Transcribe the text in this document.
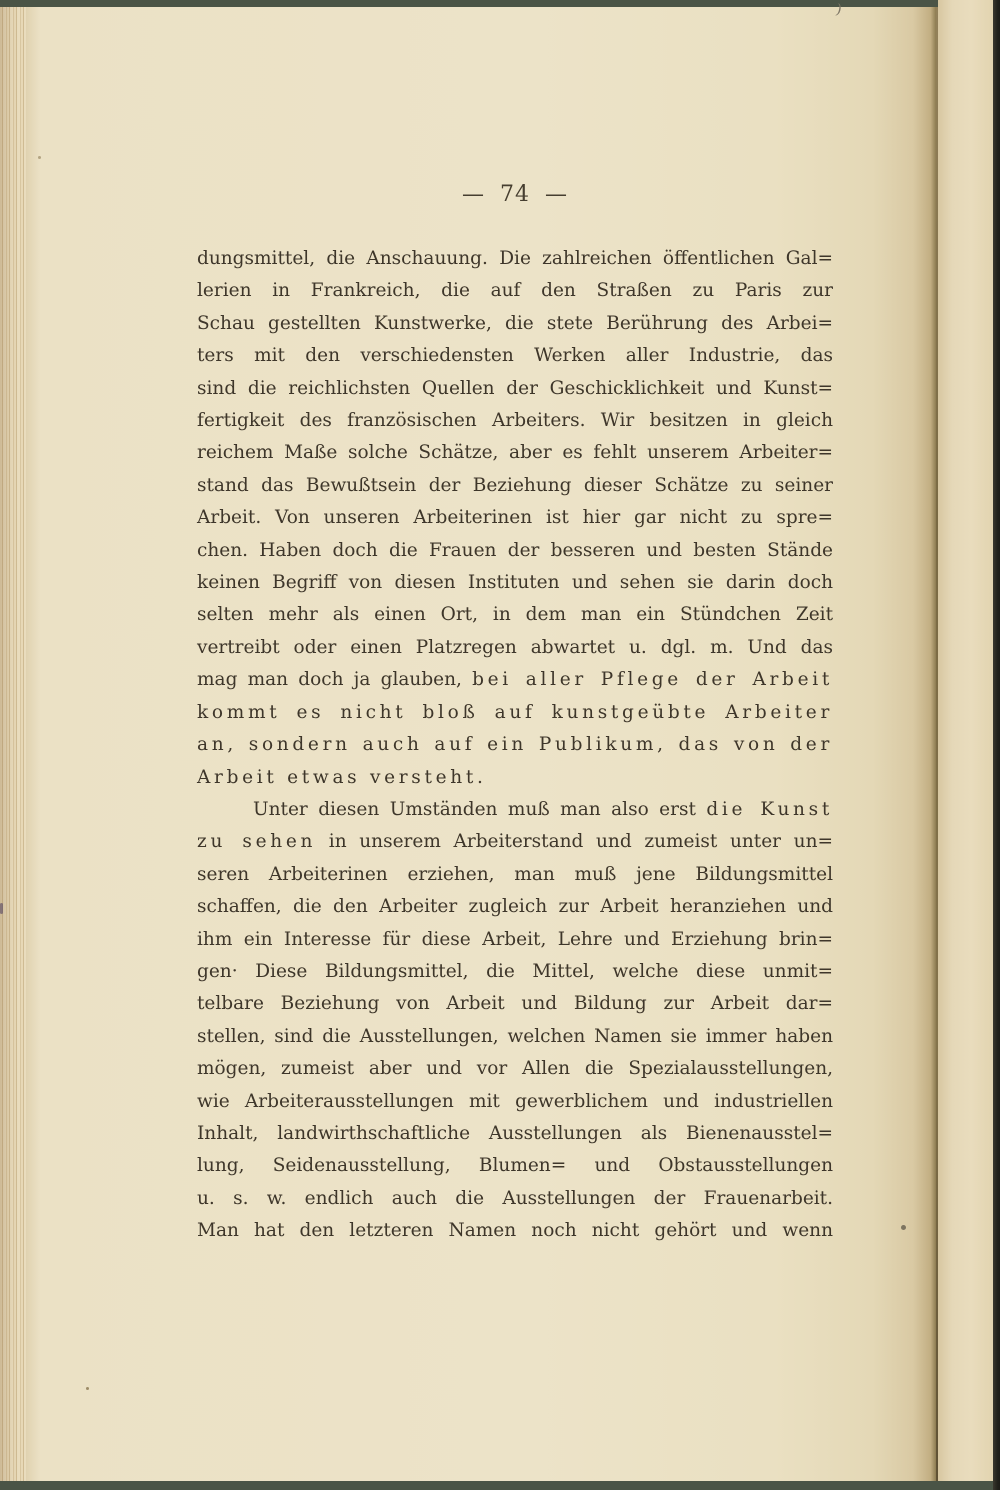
)
— 74 —
dungsmittel, die Anschauung. Die zahlreichen öffentlichen Gal=
lerien in Frankreich, die auf den Straßen zu Paris zur
Schau gestellten Kunstwerke, die stete Berührung des Arbei=
ters mit den verschiedensten Werken aller Industrie, das
sind die reichlichsten Quellen der Geschicklichkeit und Kunst=
fertigkeit des französischen Arbeiters. Wir besitzen in gleich
reichem Maße solche Schätze, aber es fehlt unserem Arbeiter=
stand das Bewußtsein der Beziehung dieser Schätze zu seiner
Arbeit. Von unseren Arbeiterinen ist hier gar nicht zu spre=
chen. Haben doch die Frauen der besseren und besten Stände
keinen Begriff von diesen Instituten und sehen sie darin doch
selten mehr als einen Ort, in dem man ein Stündchen Zeit
vertreibt oder einen Platzregen abwartet u. dgl. m. Und das
mag man doch ja glauben, bei aller Pflege der Arbeit
kommt es nicht bloß auf kunstgeübte Arbeiter
an, sondern auch auf ein Publikum, das von der
Arbeit etwas versteht.
Unter diesen Umständen muß man also erst die Kunst
zu sehen in unserem Arbeiterstand und zumeist unter un=
seren Arbeiterinen erziehen, man muß jene Bildungsmittel
schaffen, die den Arbeiter zugleich zur Arbeit heranziehen und
ihm ein Interesse für diese Arbeit, Lehre und Erziehung brin=
gen· Diese Bildungsmittel, die Mittel, welche diese unmit=
telbare Beziehung von Arbeit und Bildung zur Arbeit dar=
stellen, sind die Ausstellungen, welchen Namen sie immer haben
mögen, zumeist aber und vor Allen die Spezialausstellungen,
wie Arbeiterausstellungen mit gewerblichem und industriellen
Inhalt, landwirthschaftliche Ausstellungen als Bienenausstel=
lung, Seidenausstellung, Blumen= und Obstausstellungen
u. s. w. endlich auch die Ausstellungen der Frauenarbeit.
Man hat den letzteren Namen noch nicht gehört und wenn
